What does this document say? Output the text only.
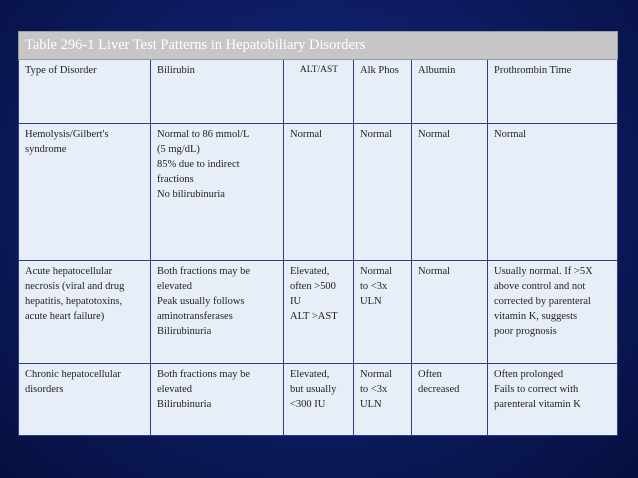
Table 296-1 Liver Test Patterns in Hepatobiliary Disorders					
Type of Disorder	Bilirubin	ALT/AST	Alk Phos	Albumin	Prothrombin Time

Hemolysis/Gilbert's
syndrome	Normal to 86 mmol/L
(5 mg/dL)
85% due to indirect
fractions
No bilirubinuria	Normal	Normal	Normal	Normal

Acute hepatocellular
necrosis (viral and drug
hepatitis, hepatotoxins,
acute heart failure)	Both fractions may be
elevated
Peak usually follows
aminotransferases
Bilirubinuria	Elevated,
often >500
IU
ALT >AST	Normal
to <3x
ULN	Normal	Usually normal. If >5X
above control and not
corrected by parenteral
vitamin K, suggests
poor prognosis

Chronic hepatocellular
disorders	Both fractions may be
elevated
Bilirubinuria	Elevated,
but usually
<300 IU	Normal
to <3x
ULN	Often
decreased	Often prolonged
Fails to correct with
parenteral vitamin K
